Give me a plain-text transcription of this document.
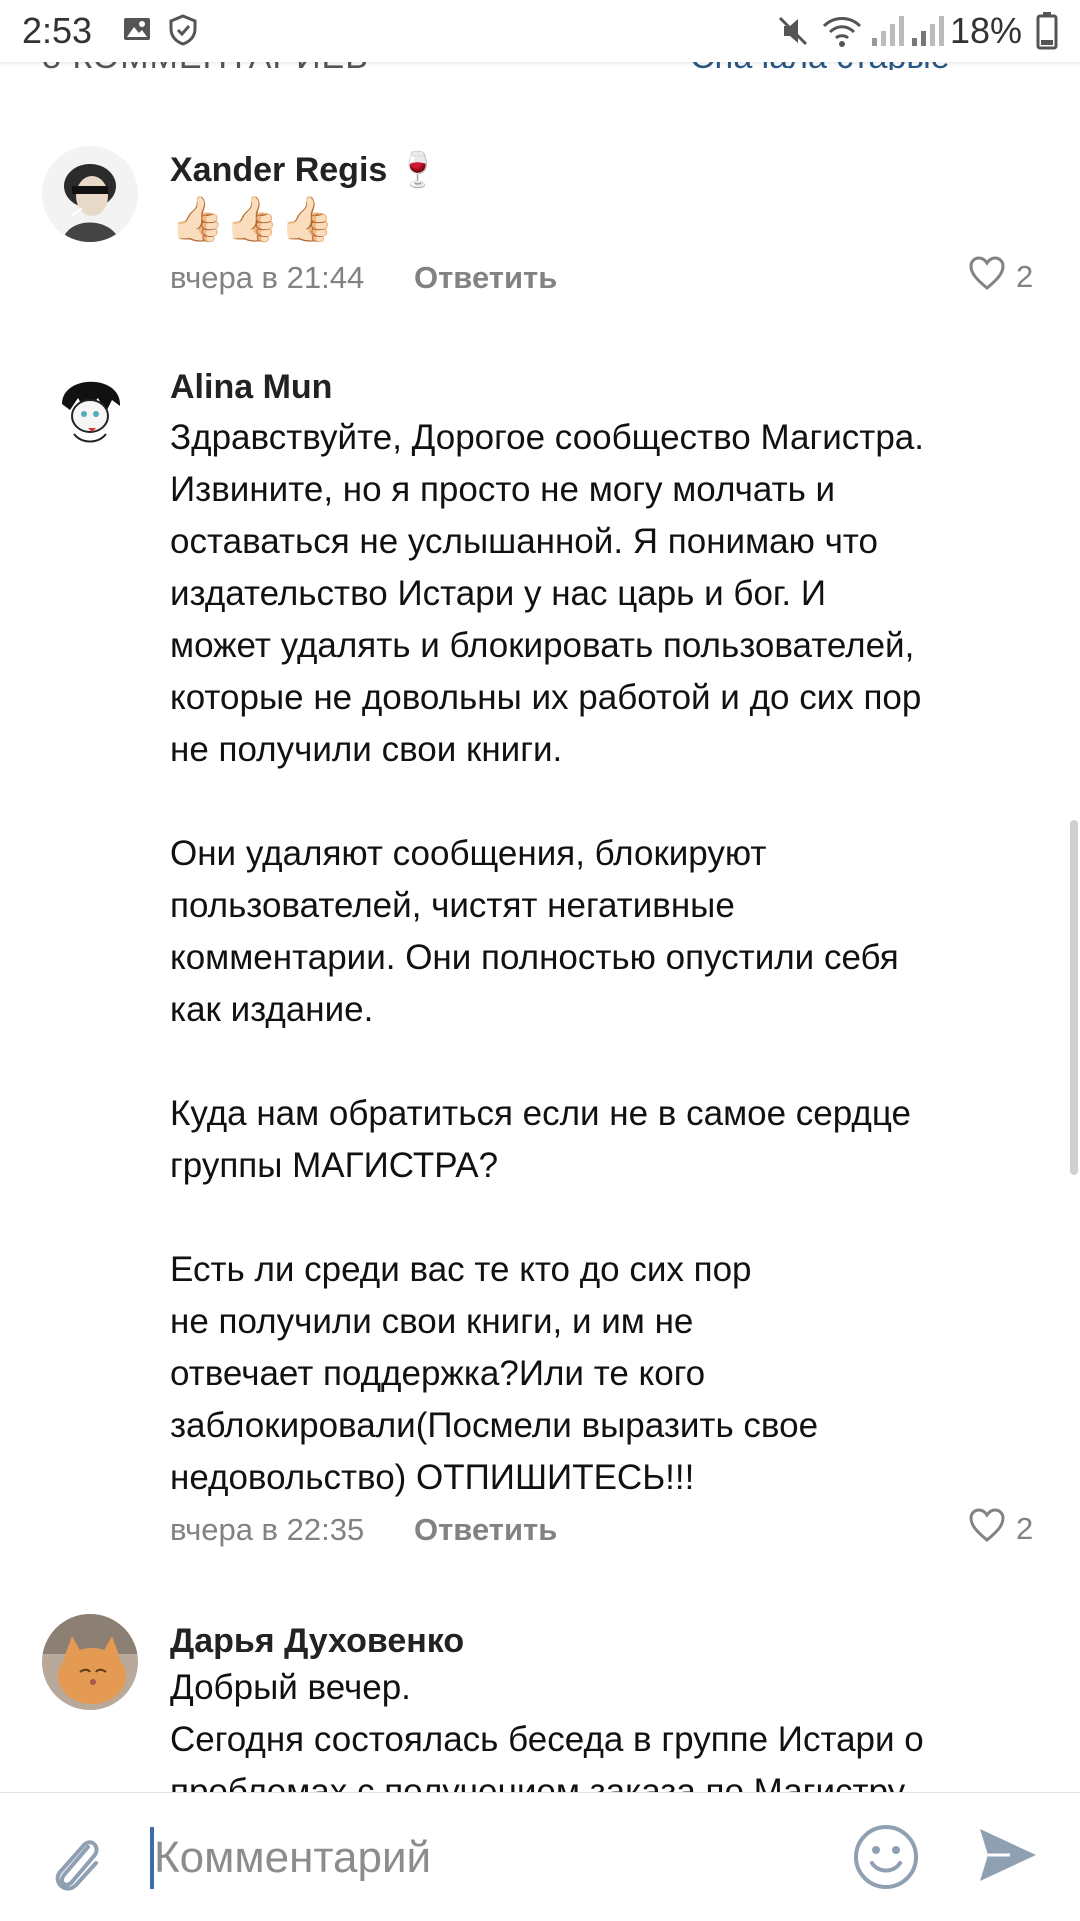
2:53	18%
Xander Regis 🍷
👍🏻👍🏻👍🏻
вчера в 21:44 Ответить	2
Alina Mun
Здравствуйте, Дорогое сообщество Магистра.
Извините, но я просто не могу молчать и
оставаться не услышанной. Я понимаю что
издательство Истари у нас царь и бог. И
может удалять и блокировать пользователей,
которые не довольны их работой и до сих пор
не получили свои книги.

Они удаляют сообщения, блокируют
пользователей, чистят негативные
комментарии. Они полностью опустили себя
как издание.

Куда нам обратиться если не в самое сердце
группы МАГИСТРА?

Есть ли среди вас те кто до сих пор
не получили свои книги, и им не
отвечает поддержка?Или те кого
заблокировали(Посмели выразить свое
недовольство) ОТПИШИТЕСЬ!!!
вчера в 22:35 Ответить	2
Дарья Духовенко
Добрый вечер.
Сегодня состоялась беседа в группе Истари о

Комментарий
